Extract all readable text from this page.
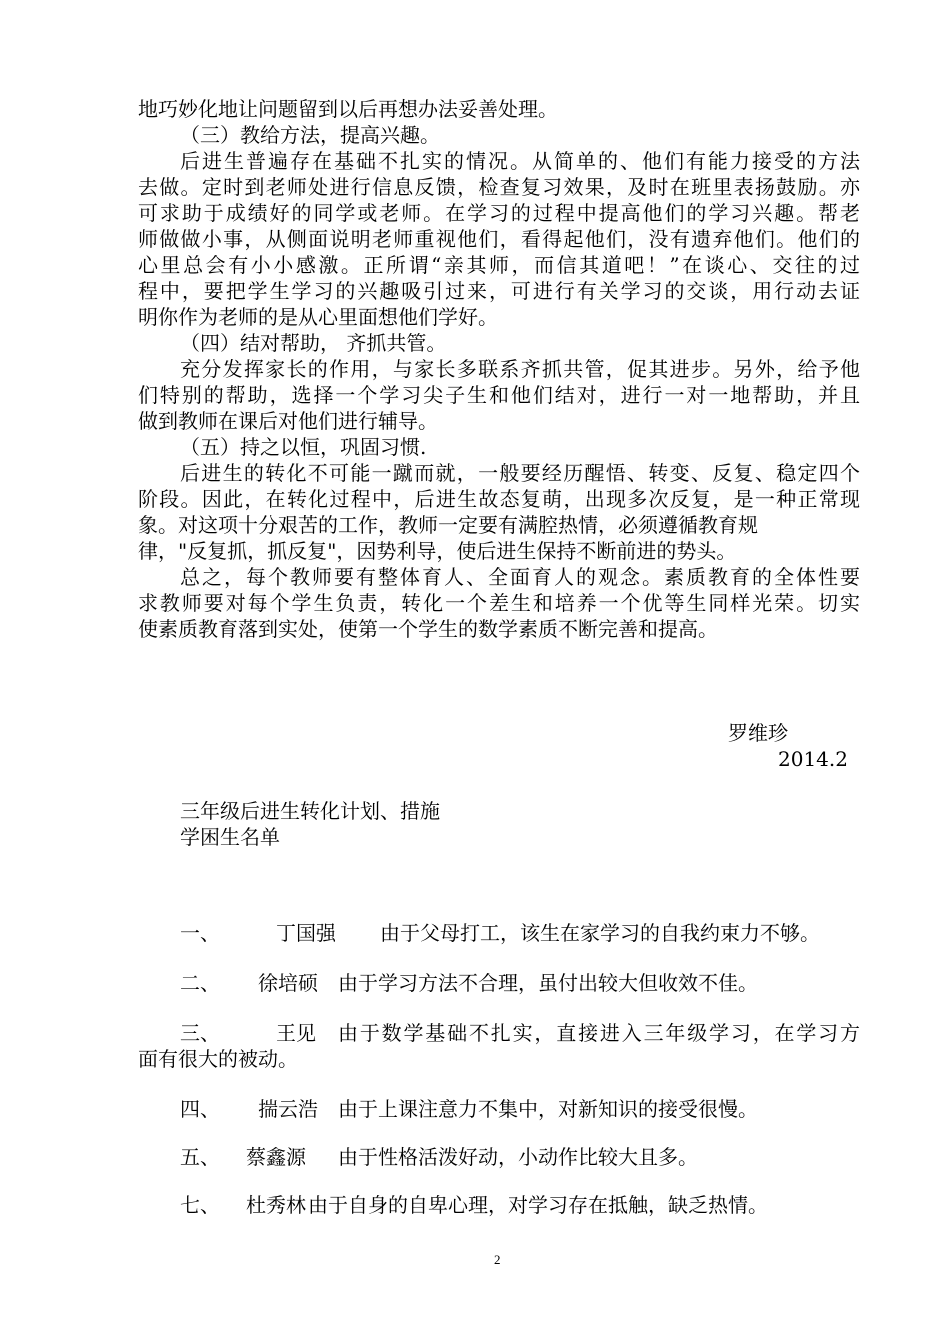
地巧妙化地让问题留到以后再想办法妥善处理。
（三）教给方法，提高兴趣。
后进生普遍存在基础不扎实的情况。从简单的、他们有能力接受的方法
去做。定时到老师处进行信息反馈，检查复习效果，及时在班里表扬鼓励。亦
可求助于成绩好的同学或老师。在学习的过程中提高他们的学习兴趣。帮老
师做做小事，从侧面说明老师重视他们，看得起他们，没有遗弃他们。他们的
心里总会有小小感激。正所谓“亲其师，而信其道吧！”在谈心、交往的过
程中，要把学生学习的兴趣吸引过来，可进行有关学习的交谈，用行动去证
明你作为老师的是从心里面想他们学好。
（四）结对帮助， 齐抓共管。
充分发挥家长的作用，与家长多联系齐抓共管，促其进步。另外，给予他
们特别的帮助，选择一个学习尖子生和他们结对，进行一对一地帮助，并且
做到教师在课后对他们进行辅导。
（五）持之以恒，巩固习惯.
后进生的转化不可能一蹴而就，一般要经历醒悟、转变、反复、稳定四个
阶段。因此，在转化过程中，后进生故态复萌，出现多次反复，是一种正常现
象。对这项十分艰苦的工作，教师一定要有满腔热情，必须遵循教育规
律，"反复抓，抓反复"，因势利导，使后进生保持不断前进的势头。
总之，每个教师要有整体育人、全面育人的观念。素质教育的全体性要
求教师要对每个学生负责，转化一个差生和培养一个优等生同样光荣。切实
使素质教育落到实处，使第一个学生的数学素质不断完善和提高。
罗维珍
2014.2
三年级后进生转化计划、措施
学困生名单
一、	丁国强 由于父母打工，该生在家学习的自我约束力不够。
二、 徐培硕 由于学习方法不合理，虽付出较大但收效不佳。
三、	王见 由于数学基础不扎实，直接进入三年级学习，在学习方
面有很大的被动。
四、 揣云浩 由于上课注意力不集中，对新知识的接受很慢。
五、 蔡鑫源 由于性格活泼好动，小动作比较大且多。
七、 杜秀林 由于自身的自卑心理，对学习存在抵触，缺乏热情。
2
